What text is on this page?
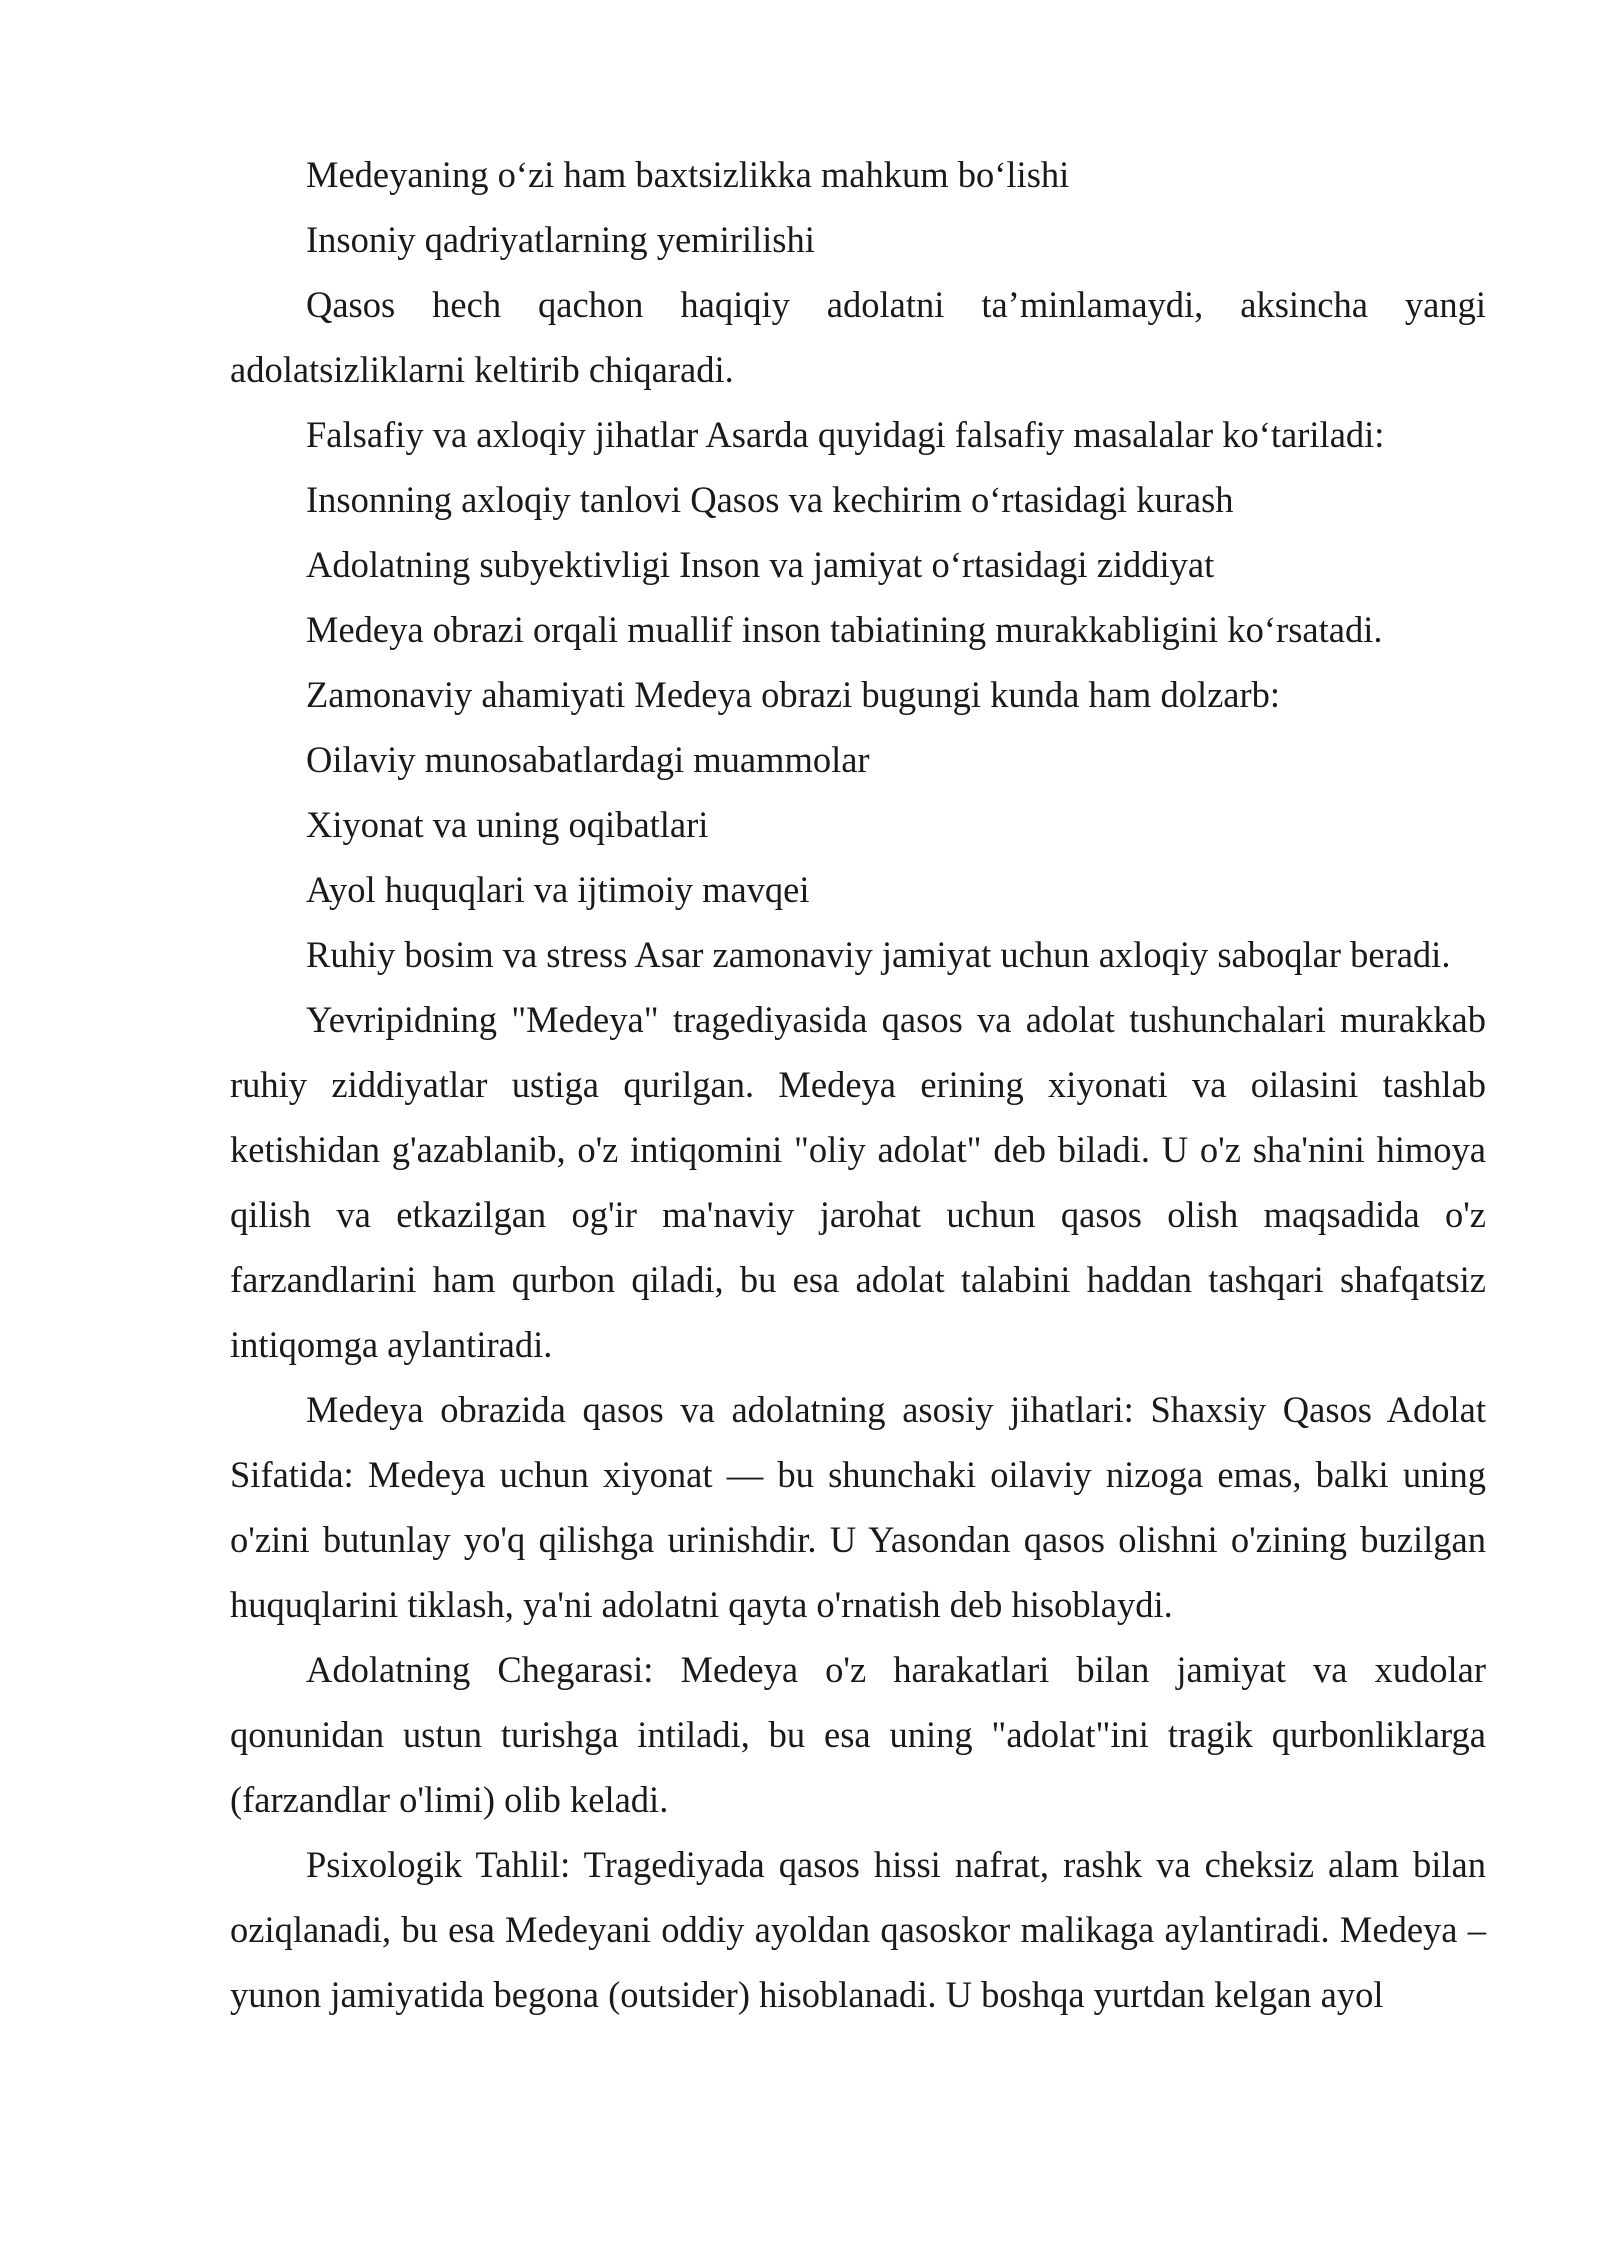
Medeyaning o‘zi ham baxtsizlikka mahkum bo‘lishi

Insoniy qadriyatlarning yemirilishi

Qasos hech qachon haqiqiy adolatni ta’minlamaydi, aksincha yangi adolatsizliklarni keltirib chiqaradi.

Falsafiy va axloqiy jihatlar Asarda quyidagi falsafiy masalalar ko‘tariladi:

Insonning axloqiy tanlovi Qasos va kechirim o‘rtasidagi kurash

Adolatning subyektivligi Inson va jamiyat o‘rtasidagi ziddiyat

Medeya obrazi orqali muallif inson tabiatining murakkabligini ko‘rsatadi.

Zamonaviy ahamiyati Medeya obrazi bugungi kunda ham dolzarb:

Oilaviy munosabatlardagi muammolar

Xiyonat va uning oqibatlari

Ayol huquqlari va ijtimoiy mavqei

Ruhiy bosim va stress Asar zamonaviy jamiyat uchun axloqiy saboqlar beradi.

Yevripidning "Medeya" tragediyasida qasos va adolat tushunchalari murakkab ruhiy ziddiyatlar ustiga qurilgan. Medeya erining xiyonati va oilasini tashlab ketishidan g'azablanib, o'z intiqomini "oliy adolat" deb biladi. U o'z sha'nini himoya qilish va etkazilgan og'ir ma'naviy jarohat uchun qasos olish maqsadida o'z farzandlarini ham qurbon qiladi, bu esa adolat talabini haddan tashqari shafqatsiz intiqomga aylantiradi.

Medeya obrazida qasos va adolatning asosiy jihatlari: Shaxsiy Qasos Adolat Sifatida: Medeya uchun xiyonat — bu shunchaki oilaviy nizoga emas, balki uning o'zini butunlay yo'q qilishga urinishdir. U Yasondan qasos olishni o'zining buzilgan huquqlarini tiklash, ya'ni adolatni qayta o'rnatish deb hisoblaydi.

Adolatning Chegarasi: Medeya o'z harakatlari bilan jamiyat va xudolar qonunidan ustun turishga intiladi, bu esa uning "adolat"ini tragik qurbonliklarga (farzandlar o'limi) olib keladi.

Psixologik Tahlil: Tragediyada qasos hissi nafrat, rashk va cheksiz alam bilan oziqlanadi, bu esa Medeyani oddiy ayoldan qasoskor malikaga aylantiradi. Medeya – yunon jamiyatida begona (outsider) hisoblanadi. U boshqa yurtdan kelgan ayol
